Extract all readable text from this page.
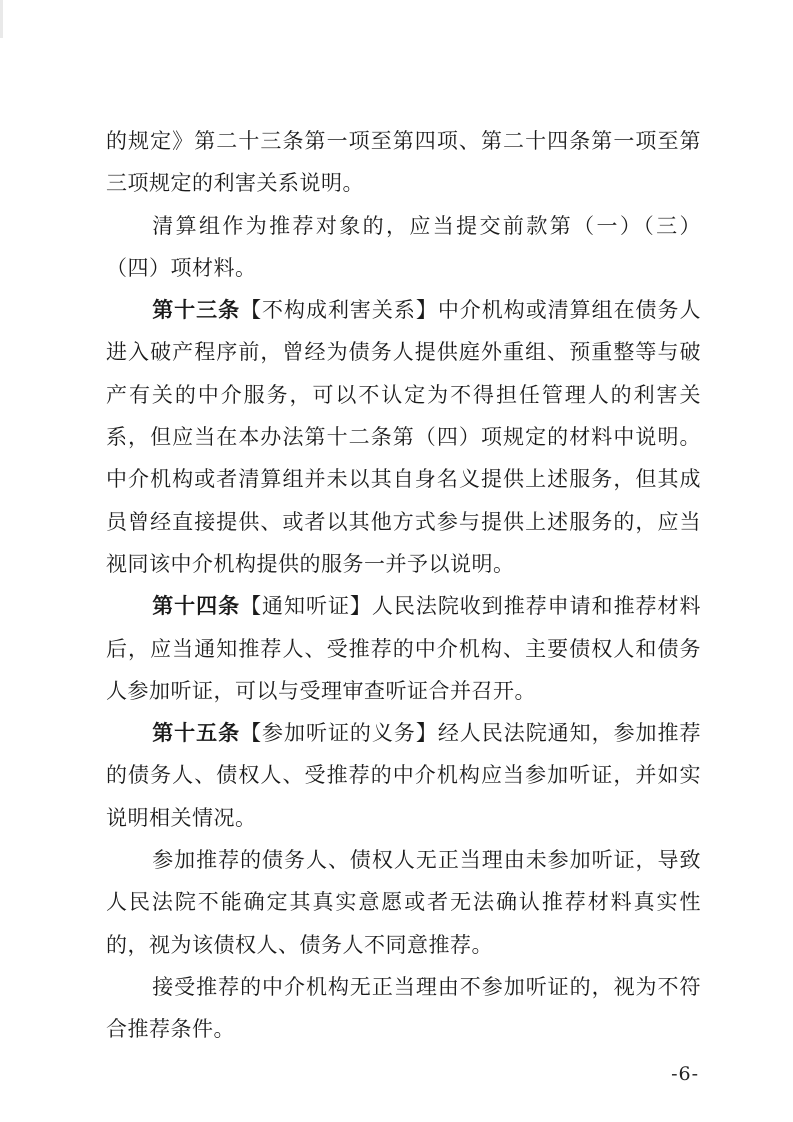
的规定》第二十三条第一项至第四项、第二十四条第一项至第三项规定的利害关系说明。

清算组作为推荐对象的，应当提交前款第（一）（三）（四）项材料。

第十三条【不构成利害关系】中介机构或清算组在债务人进入破产程序前，曾经为债务人提供庭外重组、预重整等与破产有关的中介服务，可以不认定为不得担任管理人的利害关系，但应当在本办法第十二条第（四）项规定的材料中说明。中介机构或者清算组并未以其自身名义提供上述服务，但其成员曾经直接提供、或者以其他方式参与提供上述服务的，应当视同该中介机构提供的服务一并予以说明。

第十四条【通知听证】人民法院收到推荐申请和推荐材料后，应当通知推荐人、受推荐的中介机构、主要债权人和债务人参加听证，可以与受理审查听证合并召开。

第十五条【参加听证的义务】经人民法院通知，参加推荐的债务人、债权人、受推荐的中介机构应当参加听证，并如实说明相关情况。

参加推荐的债务人、债权人无正当理由未参加听证，导致人民法院不能确定其真实意愿或者无法确认推荐材料真实性的，视为该债权人、债务人不同意推荐。

接受推荐的中介机构无正当理由不参加听证的，视为不符合推荐条件。

-6-
